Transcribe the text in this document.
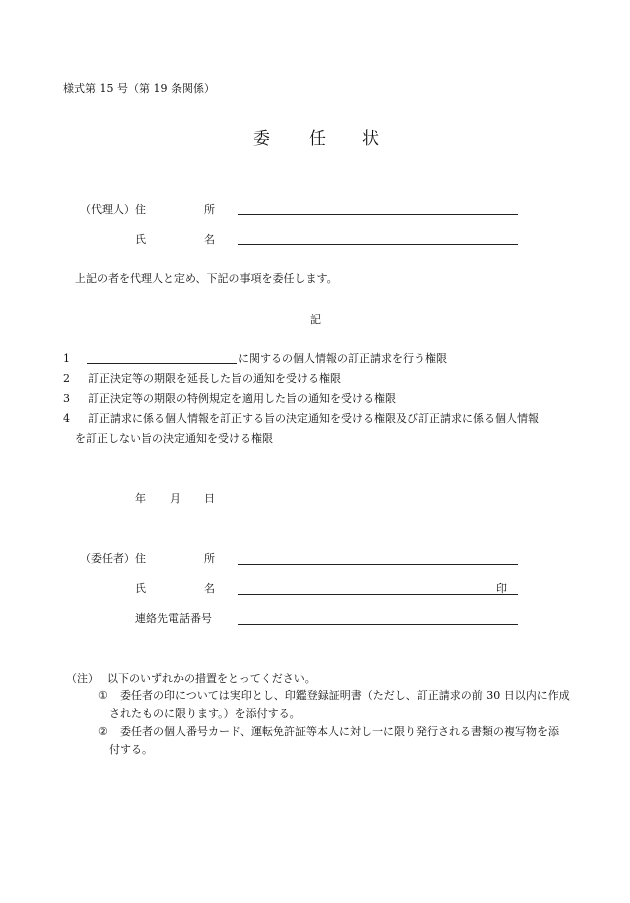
様式第 15 号（第 19 条関係）
委 任 状
（代理人） 住	所
氏	名
上記の者を代理人と定め、下記の事項を委任します。
記
1	に関するの個人情報の訂正請求を行う権限
2 訂正決定等の期限を延長した旨の通知を受ける権限
3 訂正決定等の期限の特例規定を適用した旨の通知を受ける権限
4 訂正請求に係る個人情報を訂正する旨の決定通知を受ける権限及び訂正請求に係る個人情報
を訂正しない旨の決定通知を受ける権限
年 月 日
（委任者） 住	所
氏	名	印
連絡先電話番号
（注） 以下のいずれかの措置をとってください。
① 委任者の印については実印とし、印鑑登録証明書（ただし、訂正請求の前 30 日以内に作成
されたものに限ります。）を添付する。
② 委任者の個人番号カード、運転免許証等本人に対し一に限り発行される書類の複写物を添
付する。
